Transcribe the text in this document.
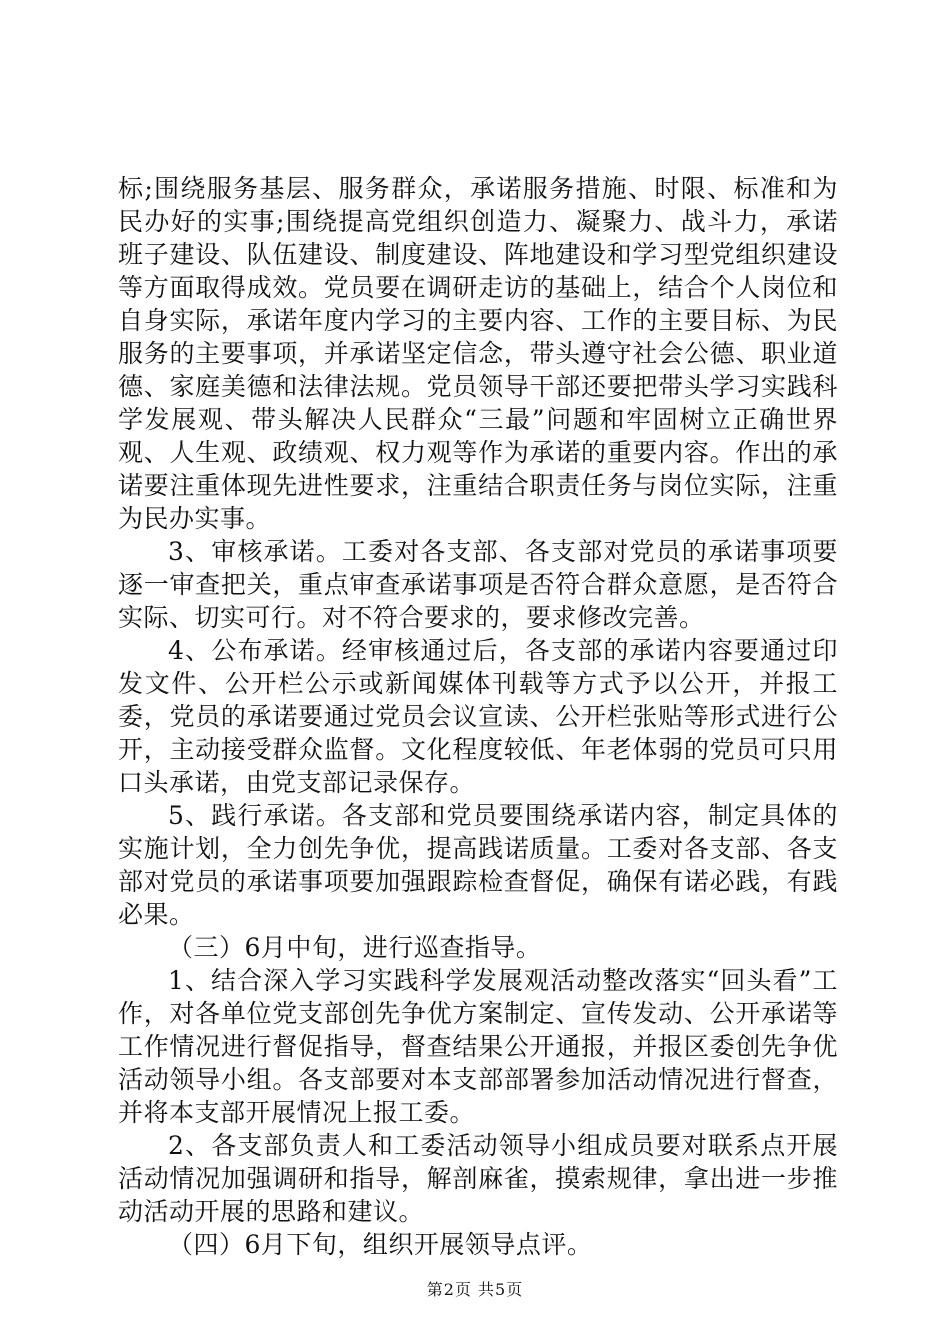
标;围绕服务基层、服务群众，承诺服务措施、时限、标准和为民办好的实事;围绕提高党组织创造力、凝聚力、战斗力，承诺班子建设、队伍建设、制度建设、阵地建设和学习型党组织建设等方面取得成效。党员要在调研走访的基础上，结合个人岗位和自身实际，承诺年度内学习的主要内容、工作的主要目标、为民服务的主要事项，并承诺坚定信念，带头遵守社会公德、职业道德、家庭美德和法律法规。党员领导干部还要把带头学习实践科学发展观、带头解决人民群众“三最”问题和牢固树立正确世界观、人生观、政绩观、权力观等作为承诺的重要内容。作出的承诺要注重体现先进性要求，注重结合职责任务与岗位实际，注重为民办实事。

3、审核承诺。工委对各支部、各支部对党员的承诺事项要逐一审查把关，重点审查承诺事项是否符合群众意愿，是否符合实际、切实可行。对不符合要求的，要求修改完善。

4、公布承诺。经审核通过后，各支部的承诺内容要通过印发文件、公开栏公示或新闻媒体刊载等方式予以公开，并报工委，党员的承诺要通过党员会议宣读、公开栏张贴等形式进行公开，主动接受群众监督。文化程度较低、年老体弱的党员可只用口头承诺，由党支部记录保存。

5、践行承诺。各支部和党员要围绕承诺内容，制定具体的实施计划，全力创先争优，提高践诺质量。工委对各支部、各支部对党员的承诺事项要加强跟踪检查督促，确保有诺必践，有践必果。

（三）6月中旬，进行巡查指导。

1、结合深入学习实践科学发展观活动整改落实“回头看”工作，对各单位党支部创先争优方案制定、宣传发动、公开承诺等工作情况进行督促指导，督查结果公开通报，并报区委创先争优活动领导小组。各支部要对本支部部署参加活动情况进行督查，并将本支部开展情况上报工委。

2、各支部负责人和工委活动领导小组成员要对联系点开展活动情况加强调研和指导，解剖麻雀，摸索规律，拿出进一步推动活动开展的思路和建议。

（四）6月下旬，组织开展领导点评。

第2页 共5页
